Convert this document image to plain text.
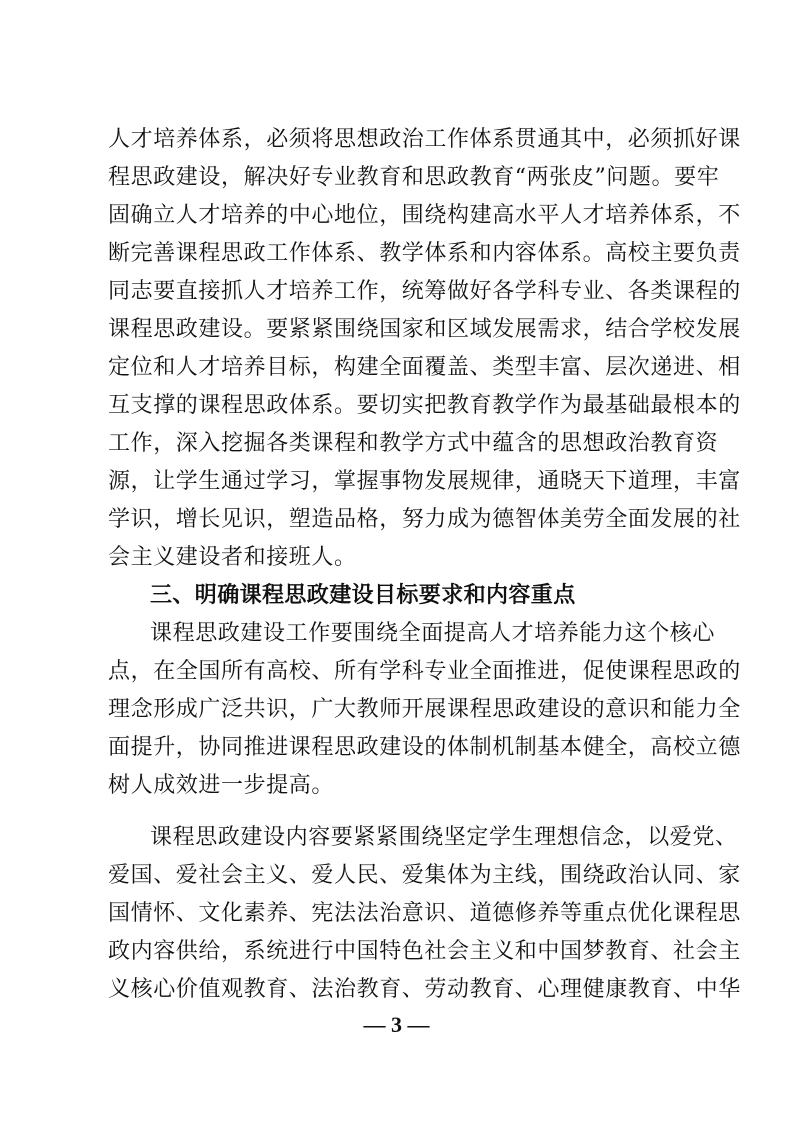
人才培养体系，必须将思想政治工作体系贯通其中，必须抓好课
程思政建设，解决好专业教育和思政教育“两张皮”问题。要牢
固确立人才培养的中心地位，围绕构建高水平人才培养体系，不
断完善课程思政工作体系、教学体系和内容体系。高校主要负责
同志要直接抓人才培养工作，统筹做好各学科专业、各类课程的
课程思政建设。要紧紧围绕国家和区域发展需求，结合学校发展
定位和人才培养目标，构建全面覆盖、类型丰富、层次递进、相
互支撑的课程思政体系。要切实把教育教学作为最基础最根本的
工作，深入挖掘各类课程和教学方式中蕴含的思想政治教育资
源，让学生通过学习，掌握事物发展规律，通晓天下道理，丰富
学识，增长见识，塑造品格，努力成为德智体美劳全面发展的社
会主义建设者和接班人。
三、明确课程思政建设目标要求和内容重点
课程思政建设工作要围绕全面提高人才培养能力这个核心
点，在全国所有高校、所有学科专业全面推进，促使课程思政的
理念形成广泛共识，广大教师开展课程思政建设的意识和能力全
面提升，协同推进课程思政建设的体制机制基本健全，高校立德
树人成效进一步提高。
课程思政建设内容要紧紧围绕坚定学生理想信念，以爱党、
爱国、爱社会主义、爱人民、爱集体为主线，围绕政治认同、家
国情怀、文化素养、宪法法治意识、道德修养等重点优化课程思
政内容供给，系统进行中国特色社会主义和中国梦教育、社会主
义核心价值观教育、法治教育、劳动教育、心理健康教育、中华
— 3 —
